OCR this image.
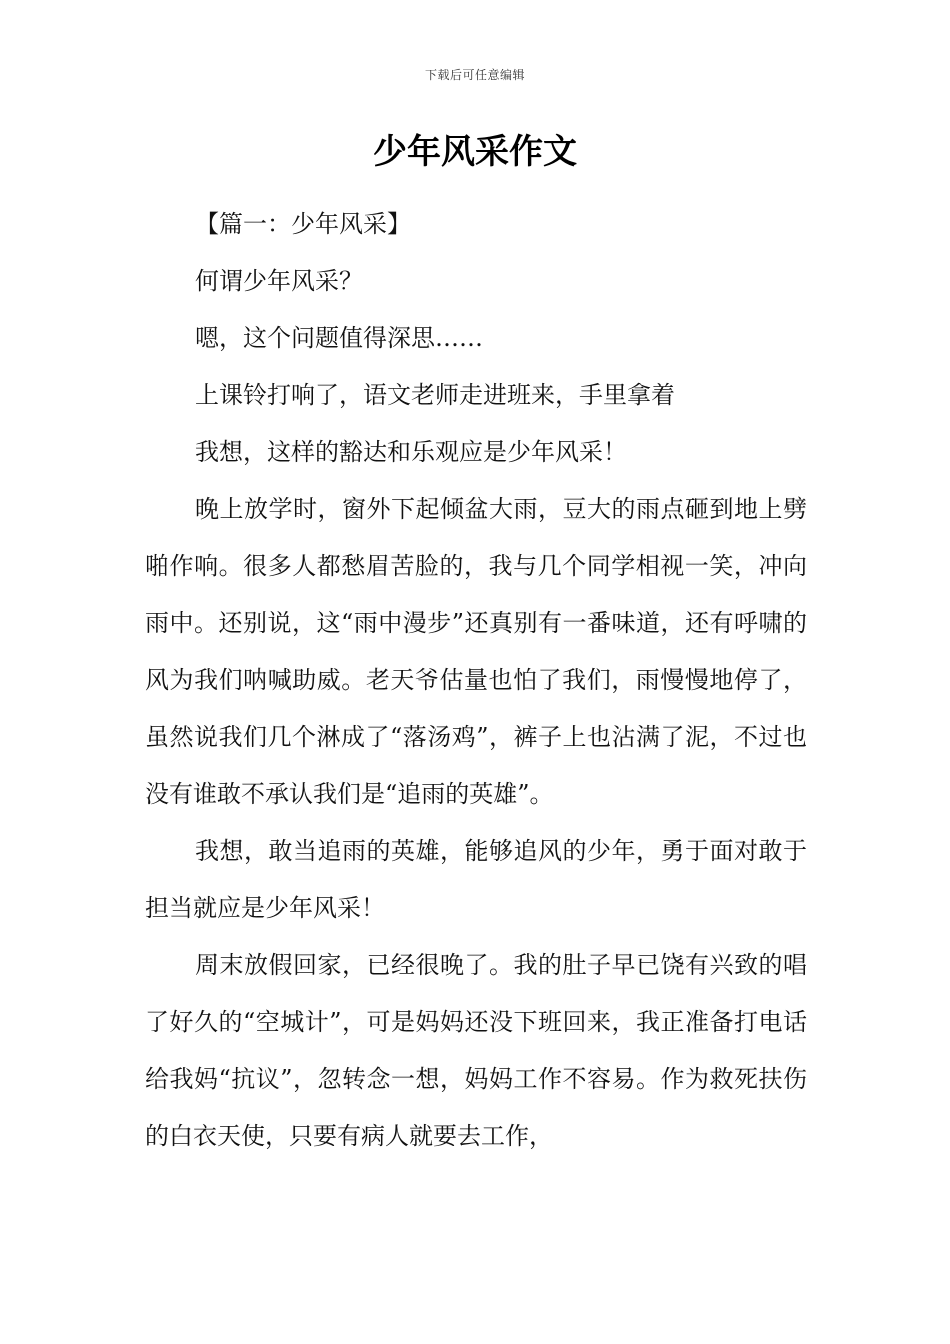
下载后可任意编辑
少年风采作文

【篇一：少年风采】

何谓少年风采？

嗯，这个问题值得深思……

上课铃打响了，语文老师走进班来，手里拿着

我想，这样的豁达和乐观应是少年风采！

晚上放学时，窗外下起倾盆大雨，豆大的雨点砸到地上劈啪作响。很多人都愁眉苦脸的，我与几个同学相视一笑，冲向雨中。还别说，这“雨中漫步”还真别有一番味道，还有呼啸的风为我们呐喊助威。老天爷估量也怕了我们，雨慢慢地停了，虽然说我们几个淋成了“落汤鸡”，裤子上也沾满了泥，不过也没有谁敢不承认我们是“追雨的英雄”。

我想，敢当追雨的英雄，能够追风的少年，勇于面对敢于担当就应是少年风采！

周末放假回家，已经很晚了。我的肚子早已饶有兴致的唱了好久的“空城计”，可是妈妈还没下班回来，我正准备打电话给我妈“抗议”，忽转念一想，妈妈工作不容易。作为救死扶伤的白衣天使，只要有病人就要去工作，
